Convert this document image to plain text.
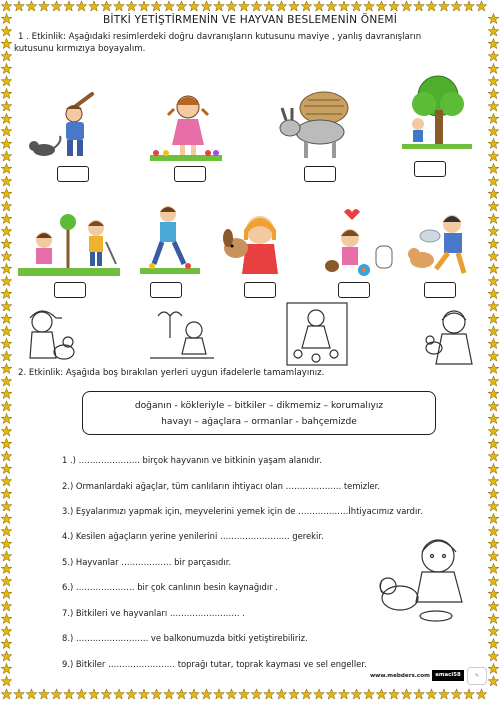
BİTKİ YETİŞTİRMENİN VE HAYVAN BESLEMENİN ÖNEMİ
1 . Etkinlik: Aşağıdaki resimlerdeki doğru davranışların kutusunu maviye , yanlış davranışların
kutusunu kırmızıya boyayalım.
2. Etkinlik: Aşağıda boş bırakılan yerleri uygun ifadelerle tamamlayınız.
doğanın - kökleriyle – bitkiler – dikmemiz – korumalıyız
havayı – ağaçlara – ormanlar - bahçemizde
1 .) …………………. birçok hayvanın ve bitkinin yaşam alanıdır.
2.) Ormanlardaki ağaçlar, tüm canlıların ihtiyacı olan ……………….. temizler.
3.) Eşyalarımızı yapmak için, meyvelerini yemek için de ………………İhtiyacımız vardır.
4.) Kesilen ağaçların yerine yenilerini ……………………. gerekir.
5.) Hayvanlar ……………… bir parçasıdır.
6.) ………………… bir çok canlının besin kaynağıdır .
7.) Bitkileri ve hayvanları ……………………. .
8.) …………………….. ve balkonumuzda bitki yetiştirebiliriz.
9.) Bitkiler …………………… toprağı tutar, toprak kayması ve sel engeller.
www.mebders.com amaci58	✎
